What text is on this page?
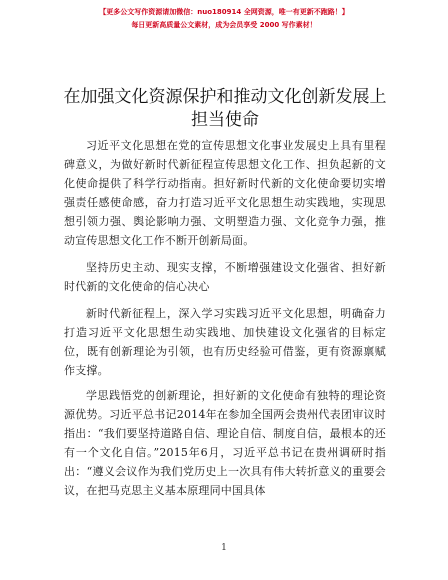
【更多公文写作资源请加微信：nuo180914 全网资源，唯一有更新不跑路！】
每日更新高质量公文素材，成为会员享受 2000 写作素材！
在加强文化资源保护和推动文化创新发展上担当使命

习近平文化思想在党的宣传思想文化事业发展史上具有里程碑意义，为做好新时代新征程宣传思想文化工作、担负起新的文化使命提供了科学行动指南。担好新时代新的文化使命要切实增强责任感使命感，奋力打造习近平文化思想生动实践地，实现思想引领力强、舆论影响力强、文明塑造力强、文化竞争力强，推动宣传思想文化工作不断开创新局面。

坚持历史主动、现实支撑，不断增强建设文化强省、担好新时代新的文化使命的信心决心

新时代新征程上，深入学习实践习近平文化思想，明确奋力打造习近平文化思想生动实践地、加快建设文化强省的目标定位，既有创新理论为引领，也有历史经验可借鉴，更有资源禀赋作支撑。

学思践悟党的创新理论，担好新的文化使命有独特的理论资源优势。习近平总书记2014年在参加全国两会贵州代表团审议时指出：“我们要坚持道路自信、理论自信、制度自信，最根本的还有一个文化自信。”2015年6月，习近平总书记在贵州调研时指出：“遵义会议作为我们党历史上一次具有伟大转折意义的重要会议，在把马克思主义基本原理同中国具体

1
